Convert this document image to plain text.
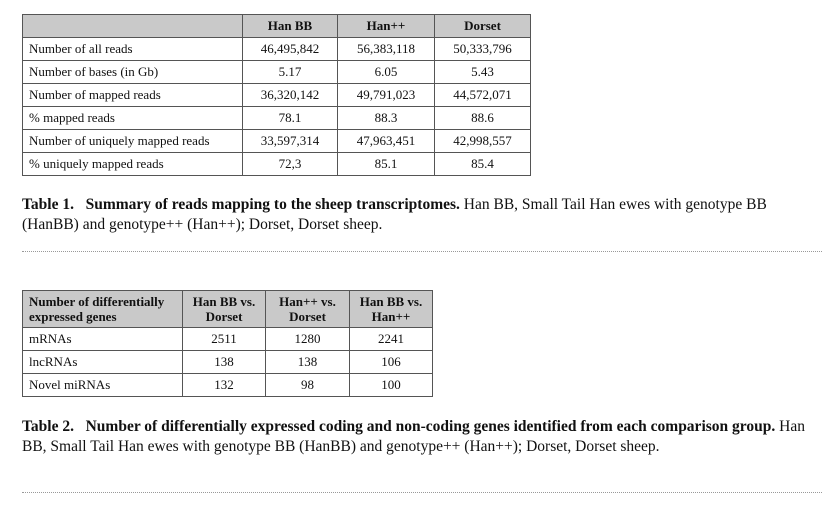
	Han BB	Han++	Dorset
Number of all reads	46,495,842	56,383,118	50,333,796
Number of bases (in Gb)	5.17	6.05	5.43
Number of mapped reads	36,320,142	49,791,023	44,572,071
% mapped reads	78.1	88.3	88.6
Number of uniquely mapped reads	33,597,314	47,963,451	42,998,557
% uniquely mapped reads	72,3	85.1	85.4
Table 1. Summary of reads mapping to the sheep transcriptomes. Han BB, Small Tail Han ewes with genotype BB (HanBB) and genotype++ (Han++); Dorset, Dorset sheep.
Number of differentially expressed genes	Han BB vs. Dorset	Han++ vs. Dorset	Han BB vs. Han++
mRNAs	2511	1280	2241
lncRNAs	138	138	106
Novel miRNAs	132	98	100
Table 2. Number of differentially expressed coding and non-coding genes identified from each comparison group. Han BB, Small Tail Han ewes with genotype BB (HanBB) and genotype++ (Han++); Dorset, Dorset sheep.
